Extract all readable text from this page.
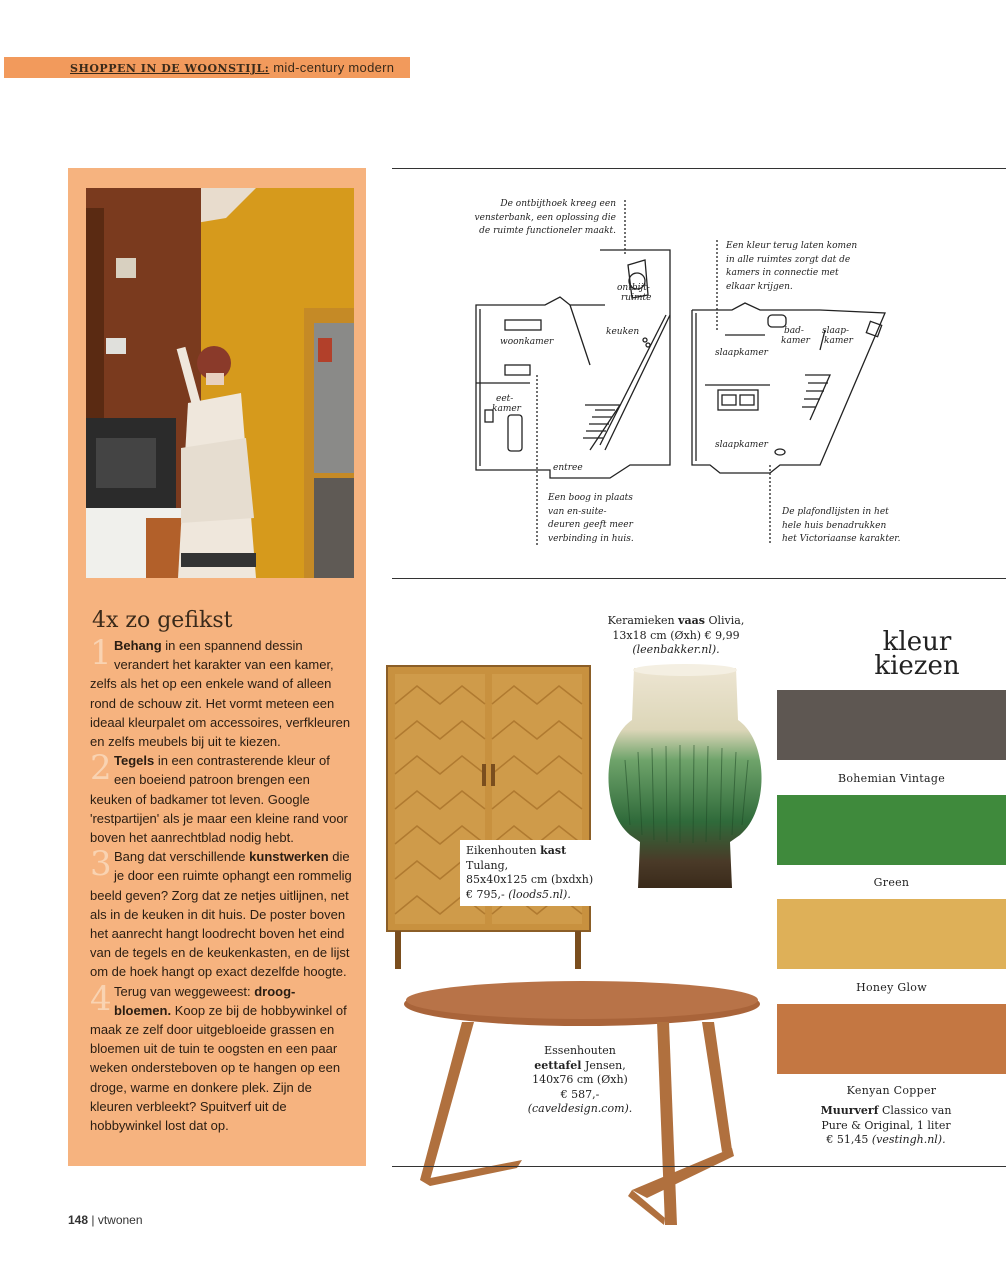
SHOPPEN IN DE WOONSTIJL: mid-century modern
4x zo gefikst
1 Behang in een spannend dessin verandert het karakter van een kamer, zelfs als het op een enkele wand of alleen rond de schouw zit. Het vormt meteen een ideaal kleurpalet om accessoires, verfkleuren en zelfs meubels bij uit te kiezen.
2 Tegels in een contrasterende kleur of een boeiend patroon brengen een keuken of badkamer tot leven. Google 'restpartijen' als je maar een kleine rand voor boven het aanrechtblad nodig hebt.
3 Bang dat verschillende kunstwerken die je door een ruimte ophangt een rommelig beeld geven? Zorg dat ze netjes uitlijnen, net als in de keuken in dit huis. De poster boven het aanrecht hangt loodrecht boven het eind van de tegels en de keukenkasten, en de lijst om de hoek hangt op exact dezelfde hoogte.
4 Terug van weggeweest: droog-bloemen. Koop ze bij de hobbywinkel of maak ze zelf door uitgebloeide grassen en bloemen uit de tuin te oogsten en een paar weken ondersteboven op te hangen op een droge, warme en donkere plek. Zijn de kleuren verbleekt? Spuitverf uit de hobbywinkel lost dat op.
De ontbijthoek kreeg een vensterbank, een oplossing die de ruimte functioneler maakt.
Een kleur terug laten komen in alle ruimtes zorgt dat de kamers in connectie met elkaar krijgen.
Een boog in plaats van en-suite-deuren geeft meer verbinding in huis.
De plafondlijsten in het hele huis benadrukken het Victoriaanse karakter.
ontbijt-
ruimte
woonkamer
keuken
eet-
kamer
entree
slaapkamer
bad-
kamer
slaap-
kamer
slaapkamer
Keramieken vaas Olivia,
13x18 cm (Øxh) € 9,99
(leenbakker.nl).
Eikenhouten kast Tulang,
85x40x125 cm (bxdxh)
€ 795,- (loods5.nl).
Essenhouten
eettafel Jensen,
140x76 cm (Øxh)
€ 587,-
(caveldesign.com).
kleur
kiezen
Bohemian Vintage
Green
Honey Glow
Kenyan Copper
Muurverf Classico van
Pure & Original, 1 liter
€ 51,45 (vestingh.nl).
148 | vtwonen
